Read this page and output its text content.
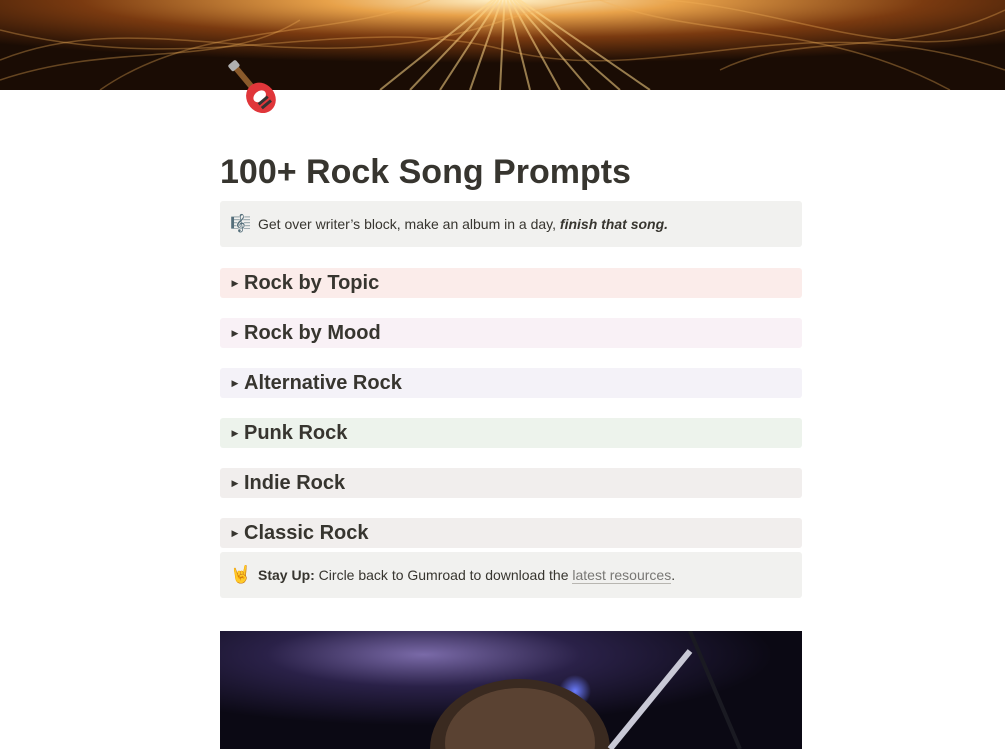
100+ Rock Song Prompts
🎼 Get over writer’s block, make an album in a day, finish that song.
▶ Rock by Topic
▶ Rock by Mood
▶ Alternative Rock
▶ Punk Rock
▶ Indie Rock
▶ Classic Rock
🤘 Stay Up: Circle back to Gumroad to download the latest resources.
